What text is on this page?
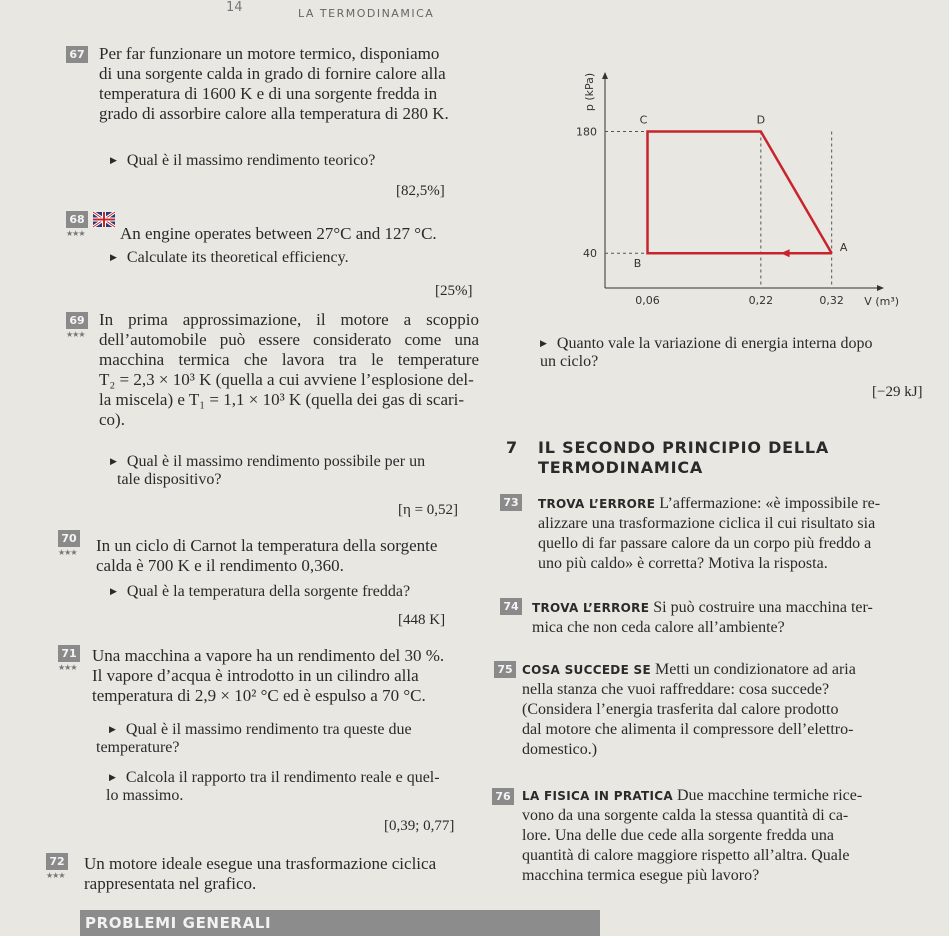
14	LA TERMODINAMICA
67 Per far funzionare un motore termico, disponiamo
di una sorgente calda in grado di fornire calore alla
temperatura di 1600 K e di una sorgente fredda in
grado di assorbire calore alla temperatura di 280 K.
▶ Qual è il massimo rendimento teorico?
[82,5%]
68
★★★ An engine operates between 27°C and 127 °C.
▶ Calculate its theoretical efficiency.
[25%]
69
★★★
In prima approssimazione, il motore a scoppio
dell’automobile può essere considerato come una
macchina termica che lavora tra le temperature
T₂ = 2,3 × 10³ K (quella a cui avviene l’esplosione del-
la miscela) e T₁ = 1,1 × 10³ K (quella dei gas di scari-
co).
▶ Qual è il massimo rendimento possibile per un
tale dispositivo?
[η = 0,52]
70
★★★ In un ciclo di Carnot la temperatura della sorgente
calda è 700 K e il rendimento 0,360.
▶ Qual è la temperatura della sorgente fredda?
[448 K]
71
★★★
Una macchina a vapore ha un rendimento del 30 %.
Il vapore d’acqua è introdotto in un cilindro alla
temperatura di 2,9 × 10² °C ed è espulso a 70 °C.
▶ Qual è il massimo rendimento tra queste due
temperature?
▶ Calcola il rapporto tra il rendimento reale e quel-
lo massimo.
[0,39; 0,77]
72
★★★
Un motore ideale esegue una trasformazione ciclica
rappresentata nel grafico.
▶ Quanto vale la variazione di energia interna dopo
un ciclo?
[−29 kJ]
180
40
0,06	0,22	0,32
A
B
C	D
V (m³)
p (kPa)
7 IL SECONDO PRINCIPIO DELLA
TERMODINAMICA
73 TROVA L’ERRORE L’affermazione: «è impossibile re-
alizzare una trasformazione ciclica il cui risultato sia
quello di far passare calore da un corpo più freddo a
uno più caldo» è corretta? Motiva la risposta.
74 TROVA L’ERRORE Si può costruire una macchina ter-
mica che non ceda calore all’ambiente?
75 COSA SUCCEDE SE Metti un condizionatore ad aria
nella stanza che vuoi raffreddare: cosa succede?
(Considera l’energia trasferita dal calore prodotto
dal motore che alimenta il compressore dell’elettro-
domestico.)
76 LA FISICA IN PRATICA Due macchine termiche rice-
vono da una sorgente calda la stessa quantità di ca-
lore. Una delle due cede alla sorgente fredda una
quantità di calore maggiore rispetto all’altra. Quale
macchina termica esegue più lavoro?
PROBLEMI GENERALI
